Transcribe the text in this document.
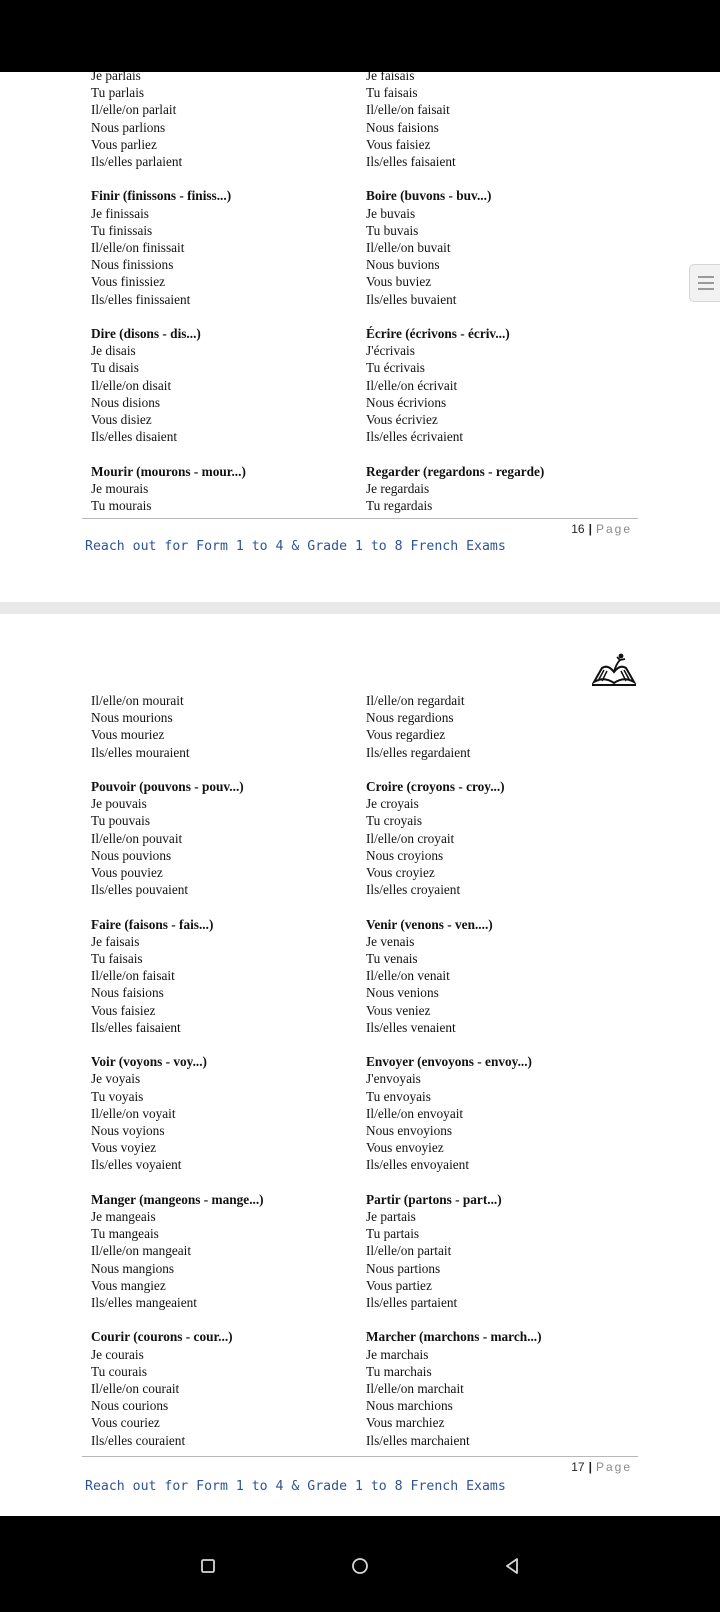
Je parlais
Tu parlais
Il/elle/on parlait
Nous parlions
Vous parliez
Ils/elles parlaient
Finir (finissons - finiss...)
Je finissais
Tu finissais
Il/elle/on finissait
Nous finissions
Vous finissiez
Ils/elles finissaient
Dire (disons - dis...)
Je disais
Tu disais
Il/elle/on disait
Nous disions
Vous disiez
Ils/elles disaient
Mourir (mourons - mour...)
Je mourais
Tu mourais
Je faisais
Tu faisais
Il/elle/on faisait
Nous faisions
Vous faisiez
Ils/elles faisaient
Boire (buvons - buv...)
Je buvais
Tu buvais
Il/elle/on buvait
Nous buvions
Vous buviez
Ils/elles buvaient
Écrire (écrivons - écriv...)
J'écrivais
Tu écrivais
Il/elle/on écrivait
Nous écrivions
Vous écriviez
Ils/elles écrivaient
Regarder (regardons - regarde)
Je regardais
Tu regardais
16 | Page
Reach out for Form 1 to 4 & Grade 1 to 8 French Exams
Il/elle/on mourait
Nous mourions
Vous mouriez
Ils/elles mouraient
Pouvoir (pouvons - pouv...)
Je pouvais
Tu pouvais
Il/elle/on pouvait
Nous pouvions
Vous pouviez
Ils/elles pouvaient
Faire (faisons - fais...)
Je faisais
Tu faisais
Il/elle/on faisait
Nous faisions
Vous faisiez
Ils/elles faisaient
Voir (voyons - voy...)
Je voyais
Tu voyais
Il/elle/on voyait
Nous voyions
Vous voyiez
Ils/elles voyaient
Manger (mangeons - mange...)
Je mangeais
Tu mangeais
Il/elle/on mangeait
Nous mangions
Vous mangiez
Ils/elles mangeaient
Courir (courons - cour...)
Je courais
Tu courais
Il/elle/on courait
Nous courions
Vous couriez
Ils/elles couraient
Il/elle/on regardait
Nous regardions
Vous regardiez
Ils/elles regardaient
Croire (croyons - croy...)
Je croyais
Tu croyais
Il/elle/on croyait
Nous croyions
Vous croyiez
Ils/elles croyaient
Venir (venons - ven....)
Je venais
Tu venais
Il/elle/on venait
Nous venions
Vous veniez
Ils/elles venaient
Envoyer (envoyons - envoy...)
J'envoyais
Tu envoyais
Il/elle/on envoyait
Nous envoyions
Vous envoyiez
Ils/elles envoyaient
Partir (partons - part...)
Je partais
Tu partais
Il/elle/on partait
Nous partions
Vous partiez
Ils/elles partaient
Marcher (marchons - march...)
Je marchais
Tu marchais
Il/elle/on marchait
Nous marchions
Vous marchiez
Ils/elles marchaient
17 | Page
Reach out for Form 1 to 4 & Grade 1 to 8 French Exams
